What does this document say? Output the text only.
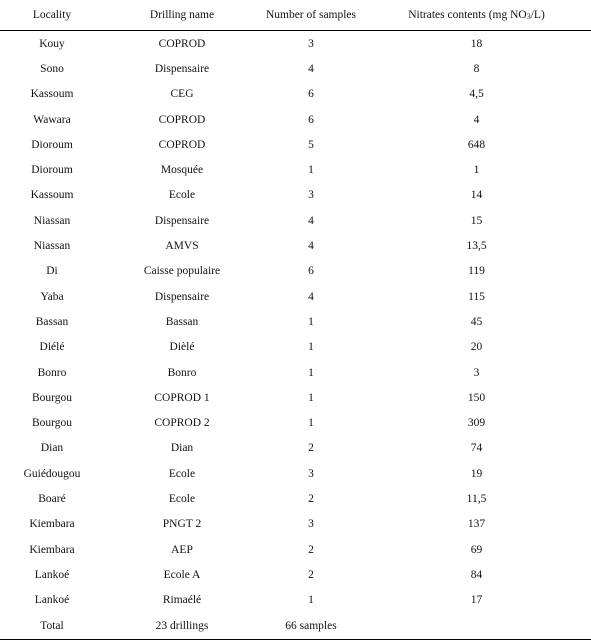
Locality	Drilling name	Number of samples	Nitrates contents (mg $NO_3/L$)
Kouy	COPROD	3	18
Sono	Dispensaire	4	8
Kassoum	CEG	6	4,5
Wawara	COPROD	6	4
Dioroum	COPROD	5	648
Dioroum	Mosquée	1	1
Kassoum	Ecole	3	14
Niassan	Dispensaire	4	15
Niassan	AMVS	4	13,5
Di	Caisse populaire	6	119
Yaba	Dispensaire	4	115
Bassan	Bassan	1	45
Diélé	Dièlé	1	20
Bonro	Bonro	1	3
Bourgou	COPROD 1	1	150
Bourgou	COPROD 2	1	309
Dian	Dian	2	74
Guiédougou	Ecole	3	19
Boaré	Ecole	2	11,5
Kiembara	PNGT 2	3	137
Kiembara	AEP	2	69
Lankoé	Ecole A	2	84
Lankoé	Rimaélé	1	17
Total	23 drillings	66 samples	
